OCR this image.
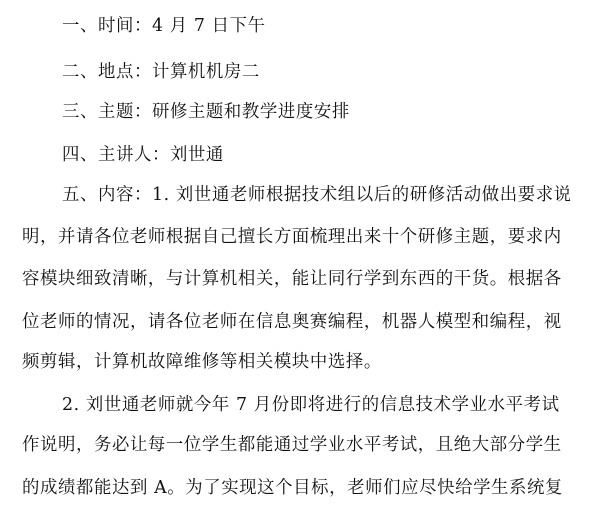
一、时间：4 月 7 日下午
二、地点：计算机机房二
三、主题：研修主题和教学进度安排
四、主讲人：刘世通
五、内容：1. 刘世通老师根据技术组以后的研修活动做出要求说
明，并请各位老师根据自己擅长方面梳理出来十个研修主题，要求内
容模块细致清晰，与计算机相关，能让同行学到东西的干货。根据各
位老师的情况，请各位老师在信息奥赛编程，机器人模型和编程，视
频剪辑，计算机故障维修等相关模块中选择。
2. 刘世通老师就今年 7 月份即将进行的信息技术学业水平考试
作说明，务必让每一位学生都能通过学业水平考试，且绝大部分学生
的成绩都能达到 A。为了实现这个目标，老师们应尽快给学生系统复
